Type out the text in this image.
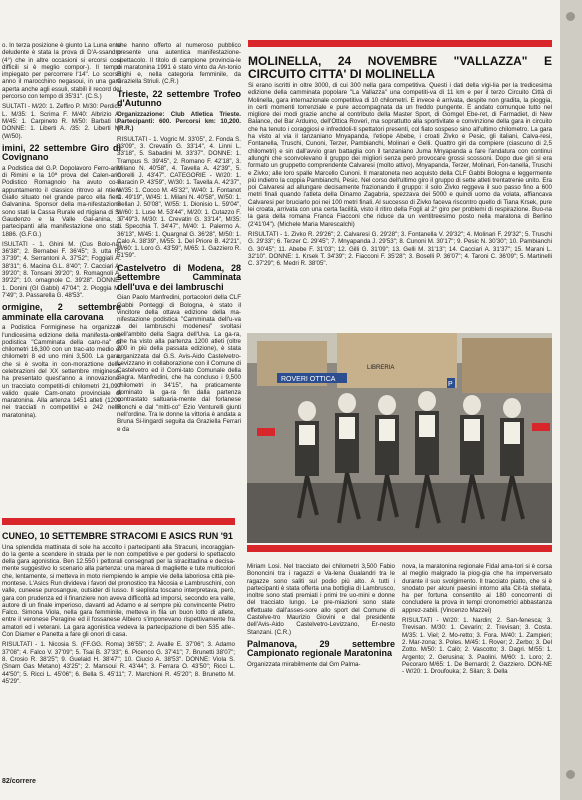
o. In terza posizione è giunto La Luna ente deludente è stata la prova di D'A-ssandro (4°) che in altre occasioni si ercorsi cosi difficili si è meglio compor-). Il tempo impiegato per percorrere l'14". Lo scorso anno il marocchino negasoui, in una gara aperta anche agli essuli, stabilì il record del percorso con tempo di 35'31". (C.S.)
SULTATI - M/20: 1. Zeffiro P. M/30: Perdicò L. M/35: 1. Scrima F. M/40: Albrizio A. M/45: 1. Carpineto R. M/50: Barbati U. DONNE: 1. Liberti A. /35: 2. Liberti N. (W/50).
imini, 22 settembre Giro di Covignano
a Podistica del G.P. Dopolavoro Ferro-ario di Rimini e la 10ª prova del Calen-ario Podistico Romagnolo ha avuto co-e appuntamento il classico ritrovo al ntiere Giallo situato nel grande parco ella fiera Galvanina. Sponsor della ma-nifestazione sono stati la Cassa Rurale ed rtigiana di S. Gaudenzo e la Valle Gal-anina, i partecipanti alla manifestazione ono stati 1886. (G.F.G.)
ISULTATI - 1. Ghini M. (Cus Bolo-na) 36'38"; 2. Bernabei F. 36'45"; 3. utta R. 37'39"; 4. Serrantoni A. 37'52"; Foggiali A. 38'31"; 6. Macina G.L. 8'40"; 7. Cacciari A. 39'20"; 8. Tonsani 39'20"; 9. Romagnoli A. 39'22"; 10. omagnole C. 39'28". DONNE: 1. Donini (Gl Gabbi) 47'04"; 2. Pioggia M. 7'49"; 3. Passarella G. 48'53".
ormigine, 2 settembre amminate ella carovana
a Podistica Formiginese ha organizza-l'undicesima edizione della manifesta-one podistica "Camminata della caro-na" di chilometri 16,300 con un trac-ato medio di chilometri 8 ed uno mini 3,500. La gara, che si è svolta in con-moraztione delle celebrazioni del XX settembre rmiginese, ha presentato quest'anno a innovazione: un tracciato competiti-di chilometri 21,097 valido quale Cam-onato provinciale di maratonina. Alla artenza 1451 atleti (1209 nei tracciati n competitivi e 242 nella maratonina).
che hanno offerto al numeroso pubblico presente una autentica manifestazione-spettacolo. Il titolo di campione provincia-le di maratonina 1991 è stato vinto da An-tonio Righi e, nella categoria femminile, da Graziella Striuli. (C.R.)
Trieste, 22 settembre Trofeo d'Autunno
Organizzazione: Club Atletica Trieste. Partecipanti: 600. Percorsi km: 10,200. (R.R.)
RISULTATI - 1. Vogric M. 33'05", 2. Fonda S. 33'09", 3. Crevatin G. 33'14", 4. Linni L. 33'18", 5. Sabadini M. 33'37". DONNE: 1. Trampus S. 39'45", 2. Romano F. 42'18", 3. Milano N. 40'58", 4. Tavella A. 42'39", 5. Corelli J. 43'47". CATEGORIE - W/20: 1. Saracin P. 43'59", W/30: 1. Tavella A. 42'37", W/35: 1. Cocco M. 45'32", W/40: 1. Fontanot C. 49'19", W/45: 1. Milani N. 40'58", W/50: 1. Sellan J. 50'08", W/55: 1. Dionisio L. 59'04", W/60: 1. Luse M. 53'44", M/20: 1. Cutazzo F. 37'49"3. M/30: 1. Crevatin G. 33'14", M/35: 1. Specchia T. 34'47", M/40: 1. Palermo A. 36'13", M/45: 1. Quargnal G. 36'28", M/50: 1. Calo A. 38'39", M/55: 1. Del Priore B. 42'21", M/60: 1. Loro G. 43'59", M/65: 1. Gazziero R. 51'59".
Castelvetro di Modena, 28 settembre Camminata dell'uva e dei lambruschi
Gian Paolo Manfredini, portacolori della CLF Gabbi Ponteggi di Bologna, è stato il vincitore della ottava edizione della ma-nifestazione podistica "Camminata dell'u-va e dei lambruschi modenesi" svoltasi nell'ambito della Sagra dell'Uva. La ga-ra, che ha visto alla partenza 1200 atleti (oltre 200 in più della passata edizione), è stata organizzata dal G.S. Avis-Aido Castelvetro-Levizzano in collaborazione con il Comune di Castelvetro ed il Comi-tato Comunale della Sagra. Manfredini, che ha concluso i 9,500 chilometri in 34'15", ha praticamente dominato la ga-ra fin dalla partenza contrastato saltuaria-mente dal forlanese Ronchi e dal "mitti-co" Ezio Venturelli giunti nell'ordine. Tra le donne la vittoria è andata a Bruna Si-lingardi seguita da Graziella Ferrari e da
MOLINELLA, 24 NOVEMBRE "VALLAZZA" E CIRCUITO CITTA' DI MOLINELLA
Si erano iscritti in oltre 3000, di cui 300 nella gara competitiva. Questi i dati della vigi-lia per la tredicesima edizione della camminata popolare "La Vallazza" una competiti-va di 11 km e per il terzo Circuito Città di Molinella, gara internazionale competitiva di 10 chilometri. E invece è arrivata, despite non gradita, la pioggia, in certi momenti torrenziale e pure accompagnata da un freddo pungente. E andato comunque tutto nel migliore dei modi grazie anche al contributo della Master Sport, di Gomgel Ebe-ret, di Farmadiet, di New Balance, del Bar Arduino, dell'Ottica Roveri, ma soprattutto alla sportivitate e convinzione della gara in circuito che ha tenuto i coraggiosi e infreddoli-ti spettatori presenti, col fiato sospeso sino all'ultimo chilometro. La gara ha visto al via il tanzaniano Mnyapanda, l'etiope Abebe, i croati Zivko e Pesic, gli italiani, Calva-resi, Fontanella, Truschi, Cunoni, Terzer, Pambianchi, Molinari e Gelli. Quattro giri da compiere (ciascuno di 2,5 chilometri) e sin dall'avvio gran battaglia con il tanzaniano Juma Mnyapanda a fare l'andatura con continui allunghi che sconvolevano il gruppo dei migliori senza però provocare grossi scossoni. Dopo due giri si era formato un gruppetto comprendente Calvaresi (molto attivo), Mnyapanda, Terzer, Molinari, Fon-tanella, Truschi e Zivko; alle loro spalle Marcello Cunoni. Il maratoneta neo acquisto della CLF Gabbi Bologna e leggermente più indietro la coppia Pambianchi, Pesic. Nel corso dell'ultimo giro il gruppo di sette atleti trentatrenie unito. Era poi Calvaresi ad allungare decisamente frazionando il gruppo: il solo Zivko reggeva il suo passo fino a 600 metri finali quando l'atleta della Dinamo Zagabria, spezzava dei 5000 e quindi uomo da volata, affiancava Calvaresi per bruciarlo poi nei 100 metri finali. Al successo di Zivko faceva riscontro quello di Tiana Krsek, pure lei croata, arrivata con una certa facilità, visto il ritiro della Fogli al 2° giro per problemi di respirazione. Buo-na la gara della romana Franca Fiacconi che riduce da un ventitreesimo posto nella maratona di Berlino (2'41'04"). (Michele Maria Marescalchi)
RISULTATI - 1. Zivko R. 29'26"; 2. Calvaresi G. 29'28"; 3. Fontanella V. 29'32"; 4. Molinari F. 29'32"; 5. Truschi G. 29'33"; 6. Terzer C. 29'45"; 7. Mnyapanda J. 29'53"; 8. Cunoni M. 30'17"; 9. Pesic N. 30'30"; 10. Pambianchi G. 30'45"; 11. Abebe F. 31'03"; 12. Gilli G. 31'09"; 13. Gelli M. 31'13"; 14. Cacciari A. 31'37"; 15. Marani L. 32'10". DONNE: 1. Krsek T. 34'39"; 2. Fiacconi F. 35'28"; 3. Boselli P. 36'07"; 4. Taroni C. 36'09"; 5. Martinelli C. 37'29"; 6. Medri R. 38'05".
ROVERI OTTICA
LIBRERIA
P
CUNEO, 10 SETTEMBRE STRACOMI E ASICS RUN '91
Una splendida mattinata di sole ha accolto i partecipanti alla Stracuni, incoraggian-do la gente a scendere in strada per le non competitive e per godersi lo spettacolo della gara agonistica. Ben 12.550 i pettorali consegnati per la stracittadina e decisa-mente suggestivo lo scenario alla partenza: una marea di magliette e tute multicolori che, lentamente, si metteva in moto riempiendo le ampie vie della laboriosa città pie-montese. L'Asics Run divideva i favori del pronostico tra Nicosia e Lambruschini, con valle, cuneese purosangue, outsider di lusso. Il sieplista toscano interpretava, però, gara con prudenza ed il finanziere non aveva difficoltà ad imporsi, secondo era valle, autore di un finale imperioso, davanti ad Adamo e al sempre più convincente Pietro Falco. Simona Viola, nella gara femminile, metteva in fila un buon lotto di atlete, entre il veronese Peragine ed il fossanese Albiero s'imponevano rispettivamente fra amatori ed i veterani. La gara agonistica vedeva la partecipazione di ben 535 atle-. Con Diamer e Panetta a fare gli onori di casa.
RISULTATI - 1. Nicosia S. (FF.GG. Roma) 36'55"; 2. Avalle E. 37'06"; 3. Adamo 37'08"; 4. Falco V. 37'09"; 5. Tsai B. 37'33"; 6. Picenco G. 37'41"; 7. Brunetti 38'07"; 8. Crosio R. 38'25"; 9. Guelaid H. 38'47"; 10. Ciucio A. 38'53". DONNE: Viola S. (Snam Gas Metano) 43'25"; 2. Mansoui R. 43'44"; 3. Ferrara O. 43'50"; Ricci L. 44'50"; 5. Ricci L. 45'06"; 6. Bella S. 45'11"; 7. Marchioni R. 45'20"; 8. Brunetto M. 45'29".
Miriam Losi. Nel tracciato dei chilometri 3,500 Fabio Bononcini tra i ragazzi e Va-lena Gualandri tra le ragazze sono saliti sul podio più alto. A tutti i partecipanti è stata offerta una bottiglia di Lambrusco, inoltre sono stati premiati i primi tre uo-mini e donne del tracciato lungo. Le pre-miazioni sono state effettuate dall'asses-sore allo sport del Comune di Castelve-tro Maurizio Giovini e dal presidente dell'Avis-Aido Castelvetro-Levizzano, Er-nesto Stanzani. (C.R.)
Palmanova, 29 settembre Campionato regionale Maratonina
Organizzata mirabilmente dal Gm Palma-
nova, la maratonina regionale Fidal ama-tori si è corsa al meglio malgrado la piog-gia che ha imperversato durante il suo svolgimento. Il tracciato piatto, che si è snodato per alcuni paesini intorno alla Cit-tà stellata, ha per fortuna consentito ai 180 concorrenti di concludere la prova in tempi cronometrici abbastanza apprez-zabili. (Vincenzo Mazzei)
RISULTATI - W/20: 1. Nardin; 2. San-fenesca; 3. Trevisan. M/30: 1. Cevarin; 2. Trevisan; 3. Costa. M/35: 1. Viel; 2. Mo-retto; 3. Fora. M/40: 1. Zampieri; 2. Mar-zona; 3. Poles. M/45: 1. Rover; 2. Zerbo; 3. Del Zotto. M/50: 1. Calò; 2. Vascotto; 3. Dagri. M/55: 1. Argento; 2. Gerusina; 3. Paolini. M/60: 1. Loro; 2. Pecoraro M/65: 1. De Bernardi; 2. Gazziero. DON-NE - W/20: 1. Droufouka; 2. Silan; 3. Della
82/correre
